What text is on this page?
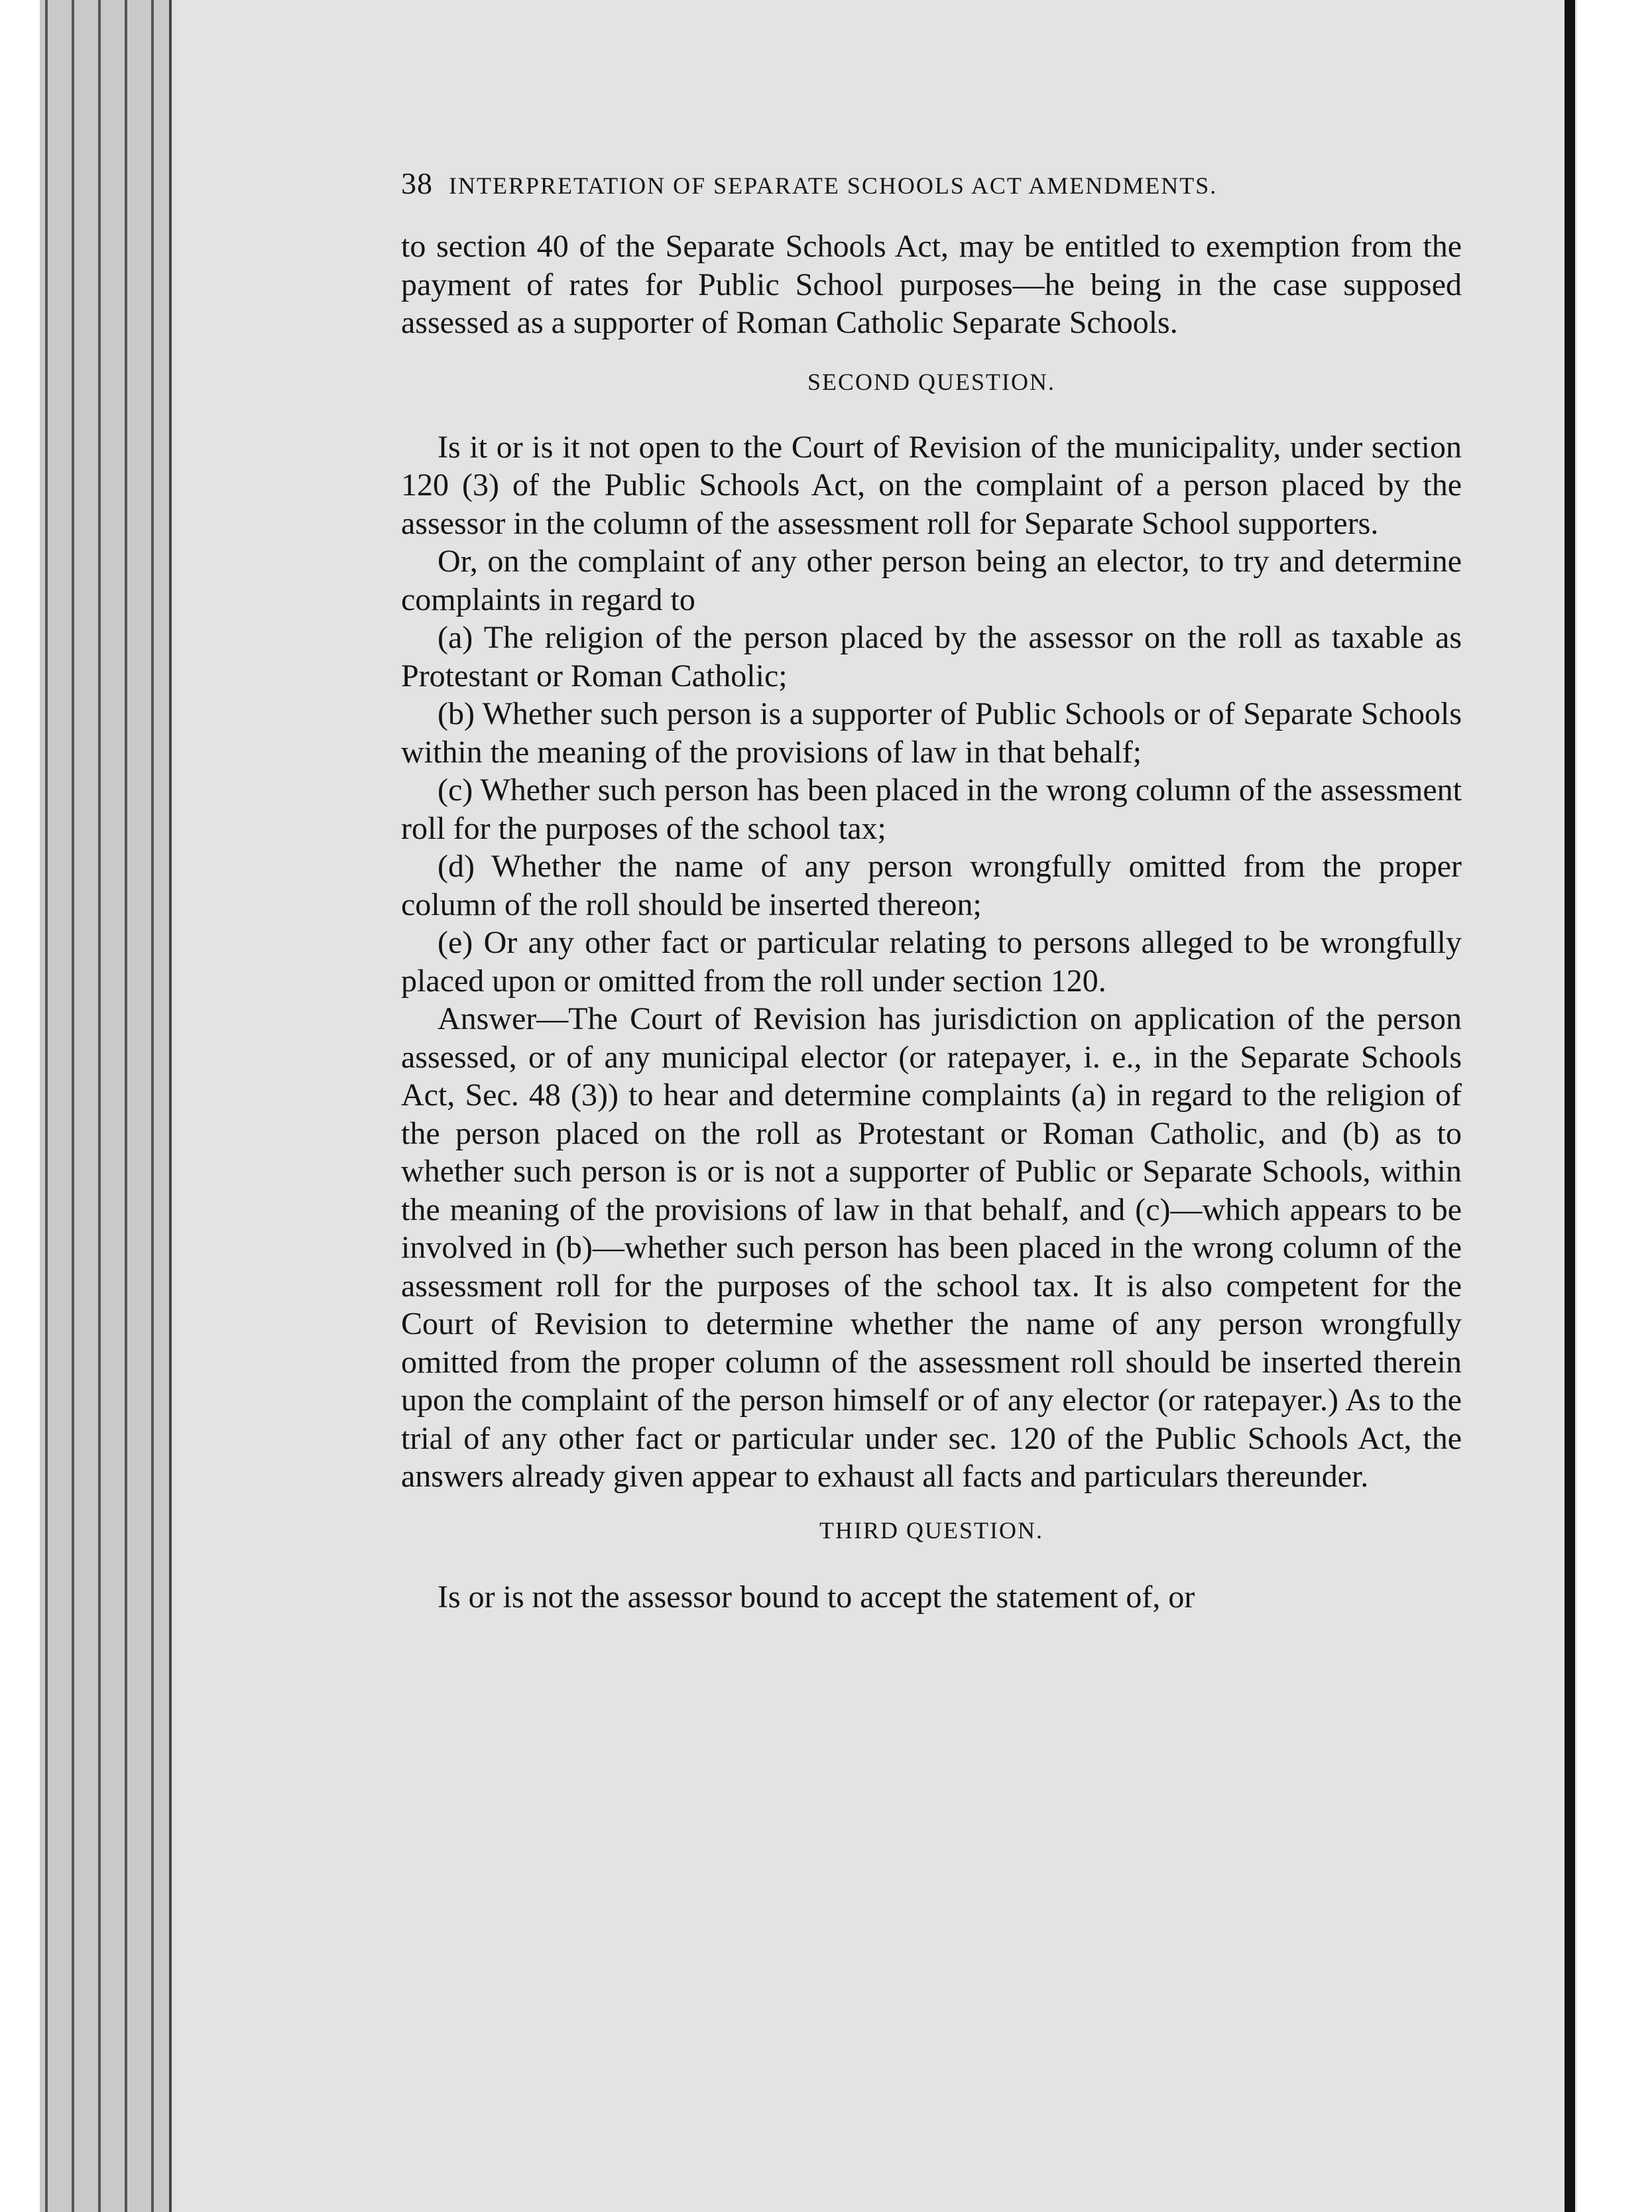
38 INTERPRETATION OF SEPARATE SCHOOLS ACT AMENDMENTS.

to section 40 of the Separate Schools Act, may be entitled to exemption from the payment of rates for Public School purposes—he being in the case supposed assessed as a supporter of Roman Catholic Separate Schools.

SECOND QUESTION.

Is it or is it not open to the Court of Revision of the municipality, under section 120 (3) of the Public Schools Act, on the complaint of a person placed by the assessor in the column of the assessment roll for Separate School supporters.

Or, on the complaint of any other person being an elector, to try and determine complaints in regard to

(a) The religion of the person placed by the assessor on the roll as taxable as Protestant or Roman Catholic;

(b) Whether such person is a supporter of Public Schools or of Separate Schools within the meaning of the provisions of law in that behalf;

(c) Whether such person has been placed in the wrong column of the assessment roll for the purposes of the school tax;

(d) Whether the name of any person wrongfully omitted from the proper column of the roll should be inserted thereon;

(e) Or any other fact or particular relating to persons alleged to be wrongfully placed upon or omitted from the roll under section 120.

Answer—The Court of Revision has jurisdiction on application of the person assessed, or of any municipal elector (or ratepayer, i. e., in the Separate Schools Act, Sec. 48 (3)) to hear and determine complaints (a) in regard to the religion of the person placed on the roll as Protestant or Roman Catholic, and (b) as to whether such person is or is not a supporter of Public or Separate Schools, within the meaning of the provisions of law in that behalf, and (c)—which appears to be involved in (b)—whether such person has been placed in the wrong column of the assessment roll for the purposes of the school tax. It is also competent for the Court of Revision to determine whether the name of any person wrongfully omitted from the proper column of the assessment roll should be inserted therein upon the complaint of the person himself or of any elector (or ratepayer.) As to the trial of any other fact or particular under sec. 120 of the Public Schools Act, the answers already given appear to exhaust all facts and particulars thereunder.

THIRD QUESTION.

Is or is not the assessor bound to accept the statement of, or
